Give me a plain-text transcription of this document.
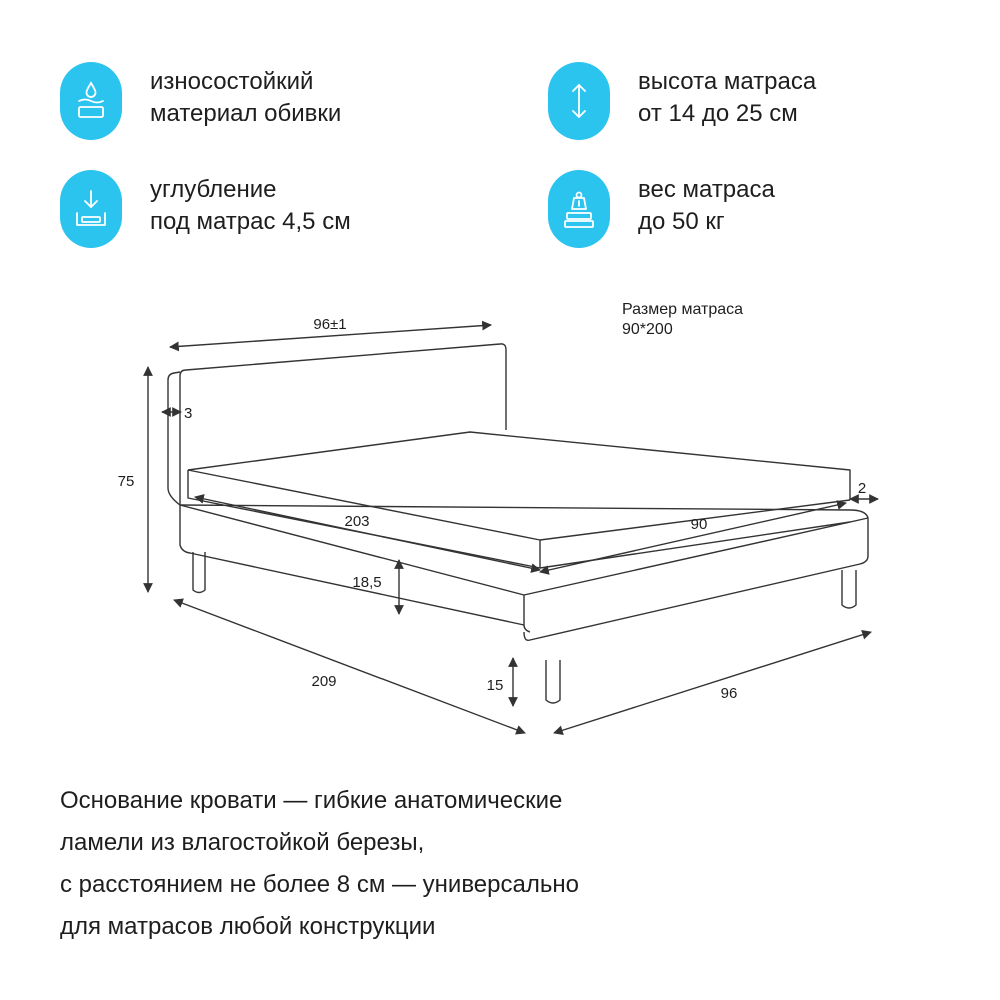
износостойкий
материал обивки
углубление
под матрас 4,5 см
высота матраса
от 14 до 25 см
вес матраса
до 50 кг
Размер матраса
90*200
96±1
3
75
203	90
2
18,5
15
209
96
Основание кровати — гибкие анатомические
ламели из влагостойкой березы,
с расстоянием не более 8 см — универсально
для матрасов любой конструкции
